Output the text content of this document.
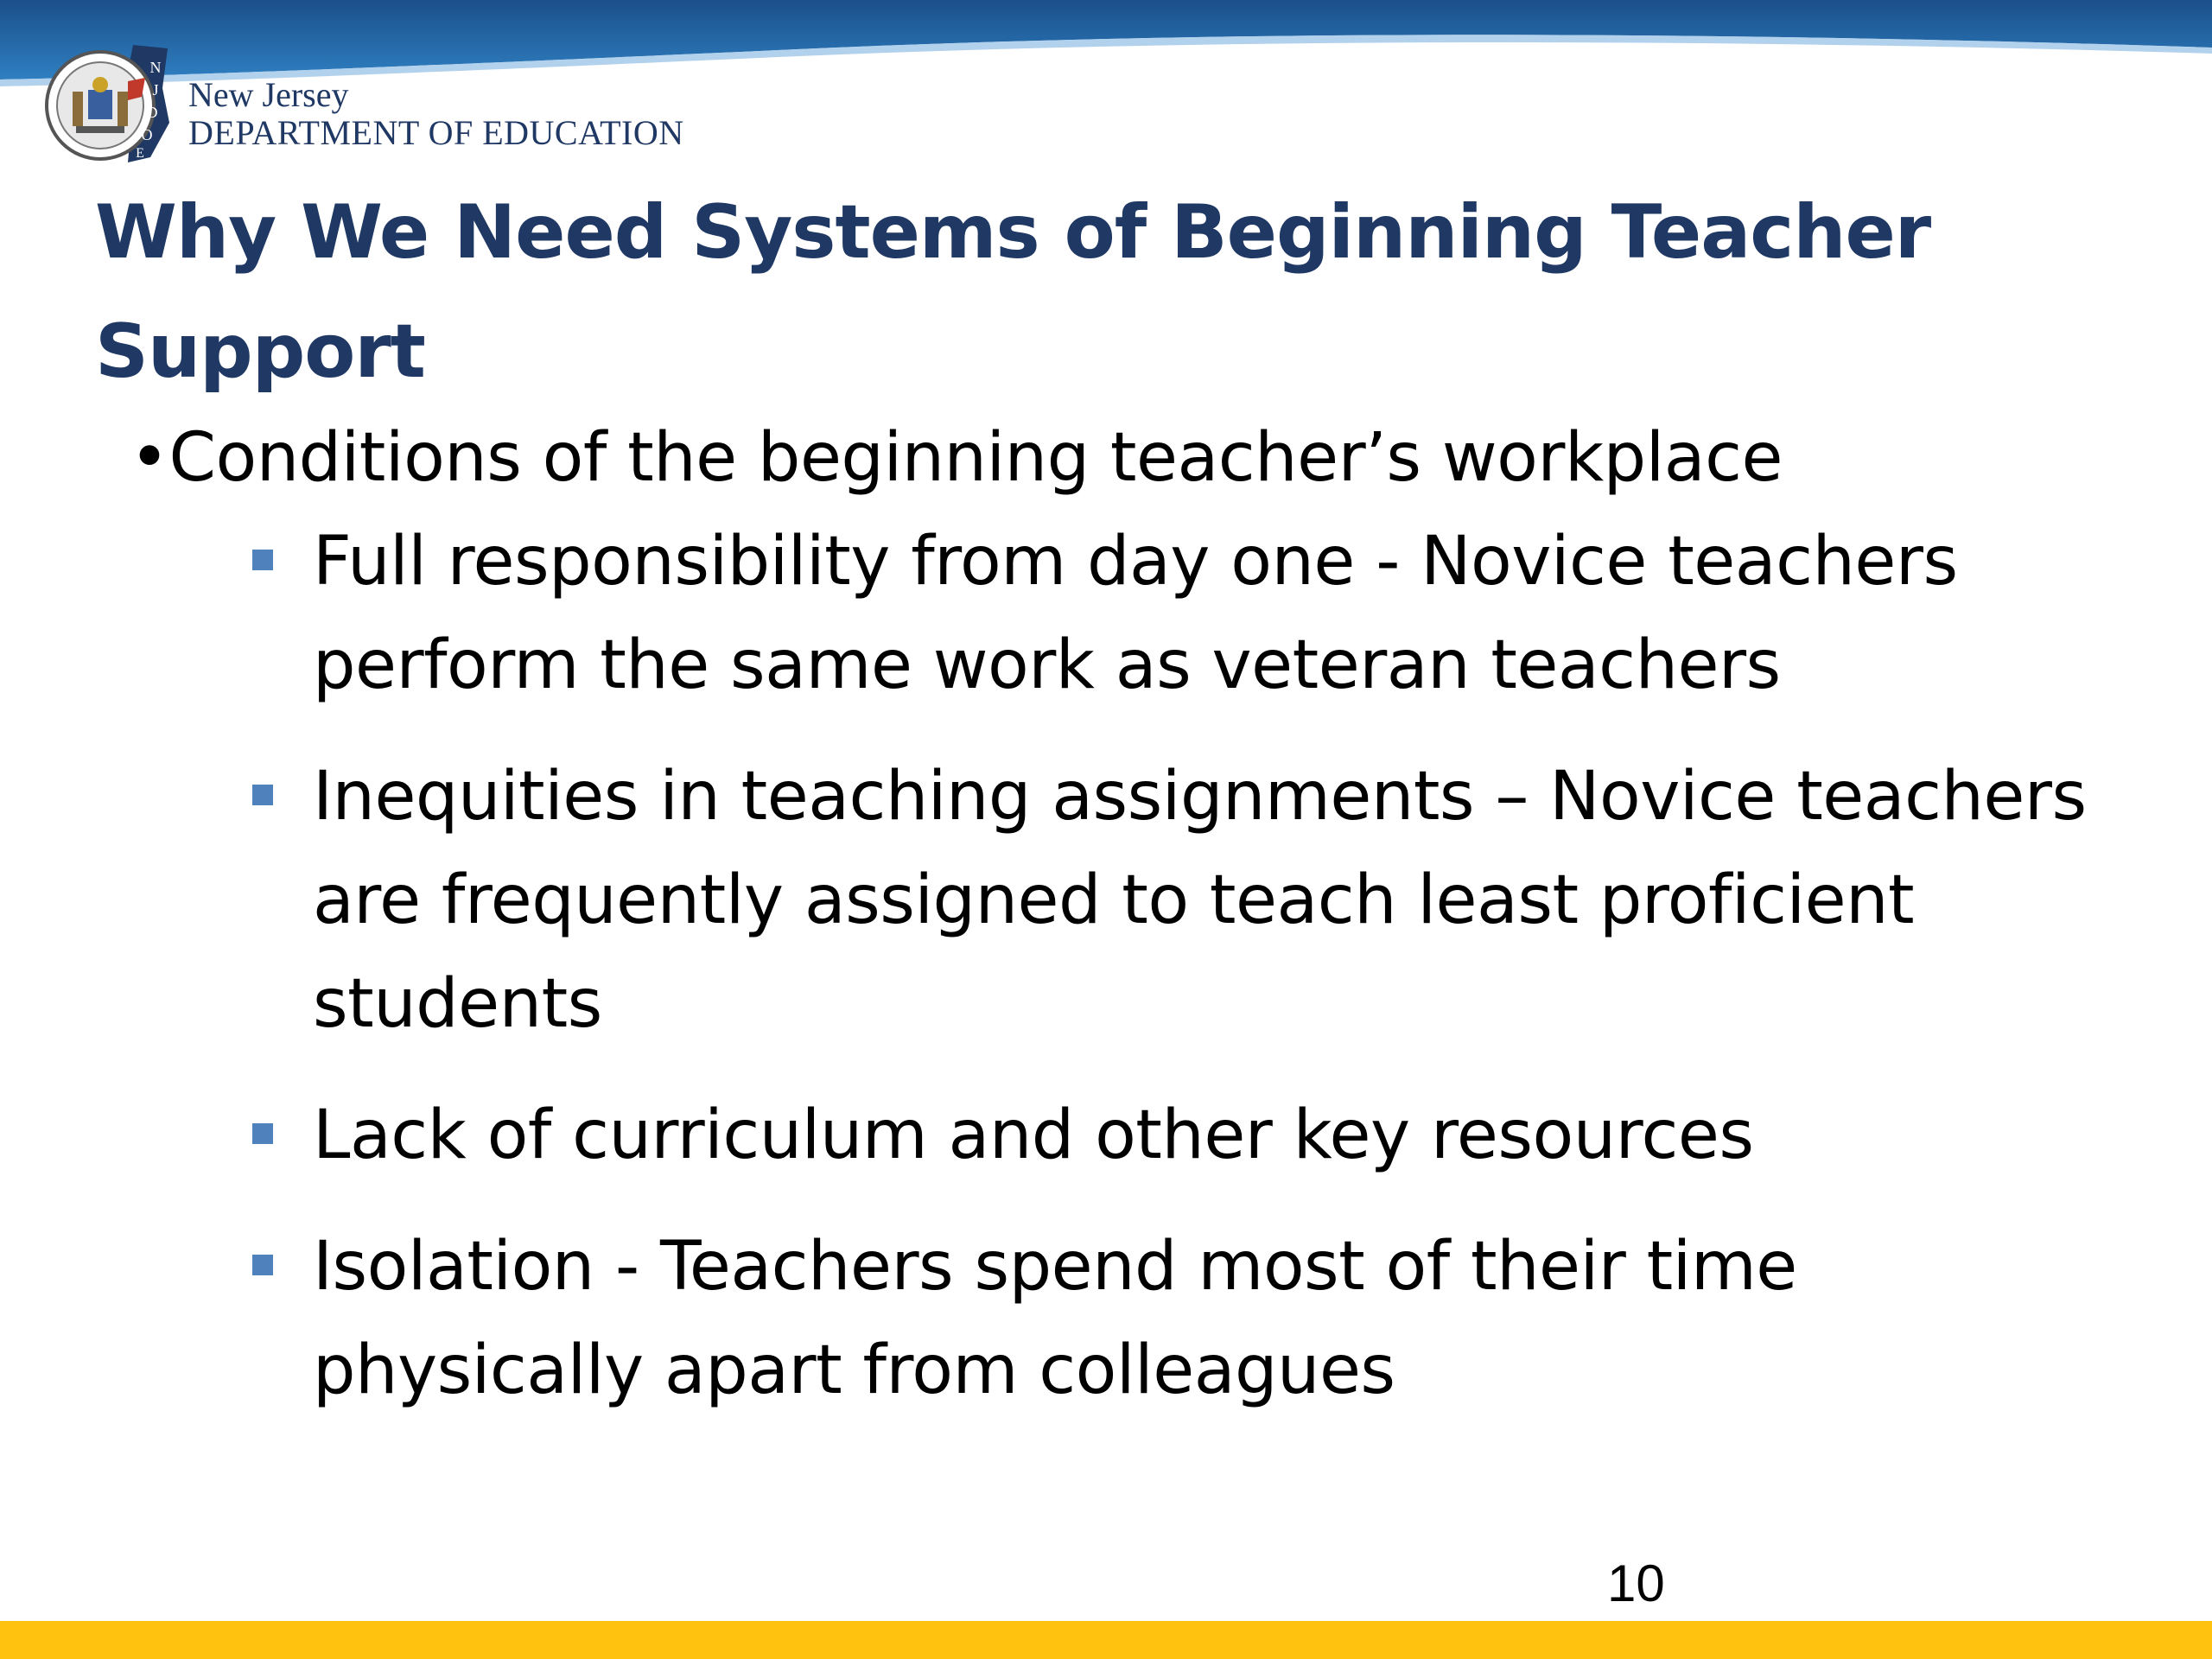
N
J
D
O
E
New Jersey
DEPARTMENT OF EDUCATION
Why We Need Systems of Beginning Teacher Support
•Conditions of the beginning teacher’s workplace
Full responsibility from day one - Novice teachers perform the same work as veteran teachers
Inequities in teaching assignments – Novice teachers are frequently assigned to teach least proficient students
Lack of curriculum and other key resources
Isolation - Teachers spend most of their time physically apart from colleagues
10
